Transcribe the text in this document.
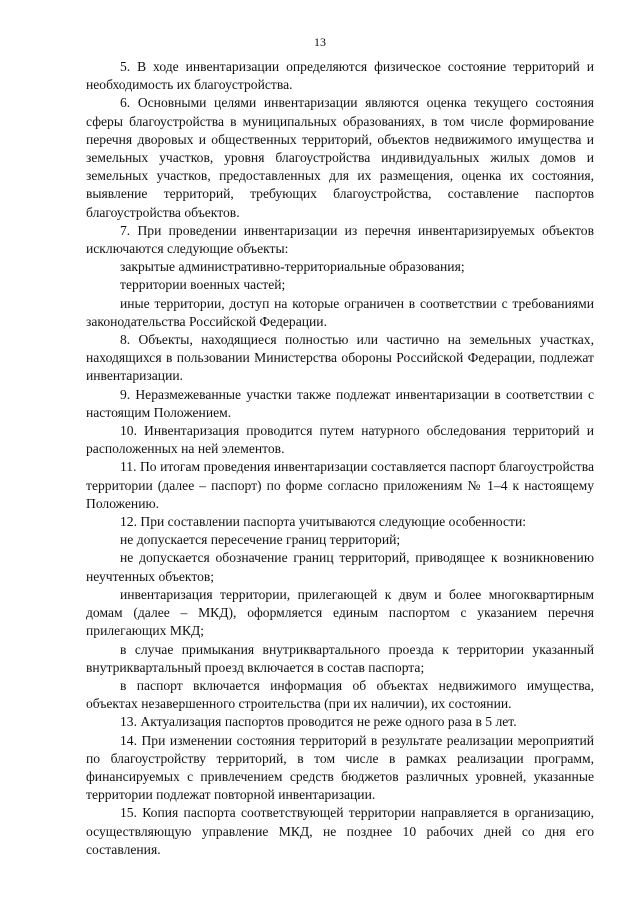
13

5. В ходе инвентаризации определяются физическое состояние территорий и необходимость их благоустройства.

6. Основными целями инвентаризации являются оценка текущего состояния сферы благоустройства в муниципальных образованиях, в том числе формирование перечня дворовых и общественных территорий, объектов недвижимого имущества и земельных участков, уровня благоустройства индивидуальных жилых домов и земельных участков, предоставленных для их размещения, оценка их состояния, выявление территорий, требующих благоустройства, составление паспортов благоустройства объектов.

7. При проведении инвентаризации из перечня инвентаризируемых объектов исключаются следующие объекты:

закрытые административно-территориальные образования;

территории военных частей;

иные территории, доступ на которые ограничен в соответствии с требованиями законодательства Российской Федерации.

8. Объекты, находящиеся полностью или частично на земельных участках, находящихся в пользовании Министерства обороны Российской Федерации, подлежат инвентаризации.

9. Неразмежеванные участки также подлежат инвентаризации в соответствии с настоящим Положением.

10. Инвентаризация проводится путем натурного обследования территорий и расположенных на ней элементов.

11. По итогам проведения инвентаризации составляется паспорт благоустройства территории (далее – паспорт) по форме согласно приложениям № 1–4 к настоящему Положению.

12. При составлении паспорта учитываются следующие особенности:

не допускается пересечение границ территорий;

не допускается обозначение границ территорий, приводящее к возникновению неучтенных объектов;

инвентаризация территории, прилегающей к двум и более многоквартирным домам (далее – МКД), оформляется единым паспортом с указанием перечня прилегающих МКД;

в случае примыкания внутриквартального проезда к территории указанный внутриквартальный проезд включается в состав паспорта;

в паспорт включается информация об объектах недвижимого имущества, объектах незавершенного строительства (при их наличии), их состоянии.

13. Актуализация паспортов проводится не реже одного раза в 5 лет.

14. При изменении состояния территорий в результате реализации мероприятий по благоустройству территорий, в том числе в рамках реализации программ, финансируемых с привлечением средств бюджетов различных уровней, указанные территории подлежат повторной инвентаризации.

15. Копия паспорта соответствующей территории направляется в организацию, осуществляющую управление МКД, не позднее 10 рабочих дней со дня его составления.
